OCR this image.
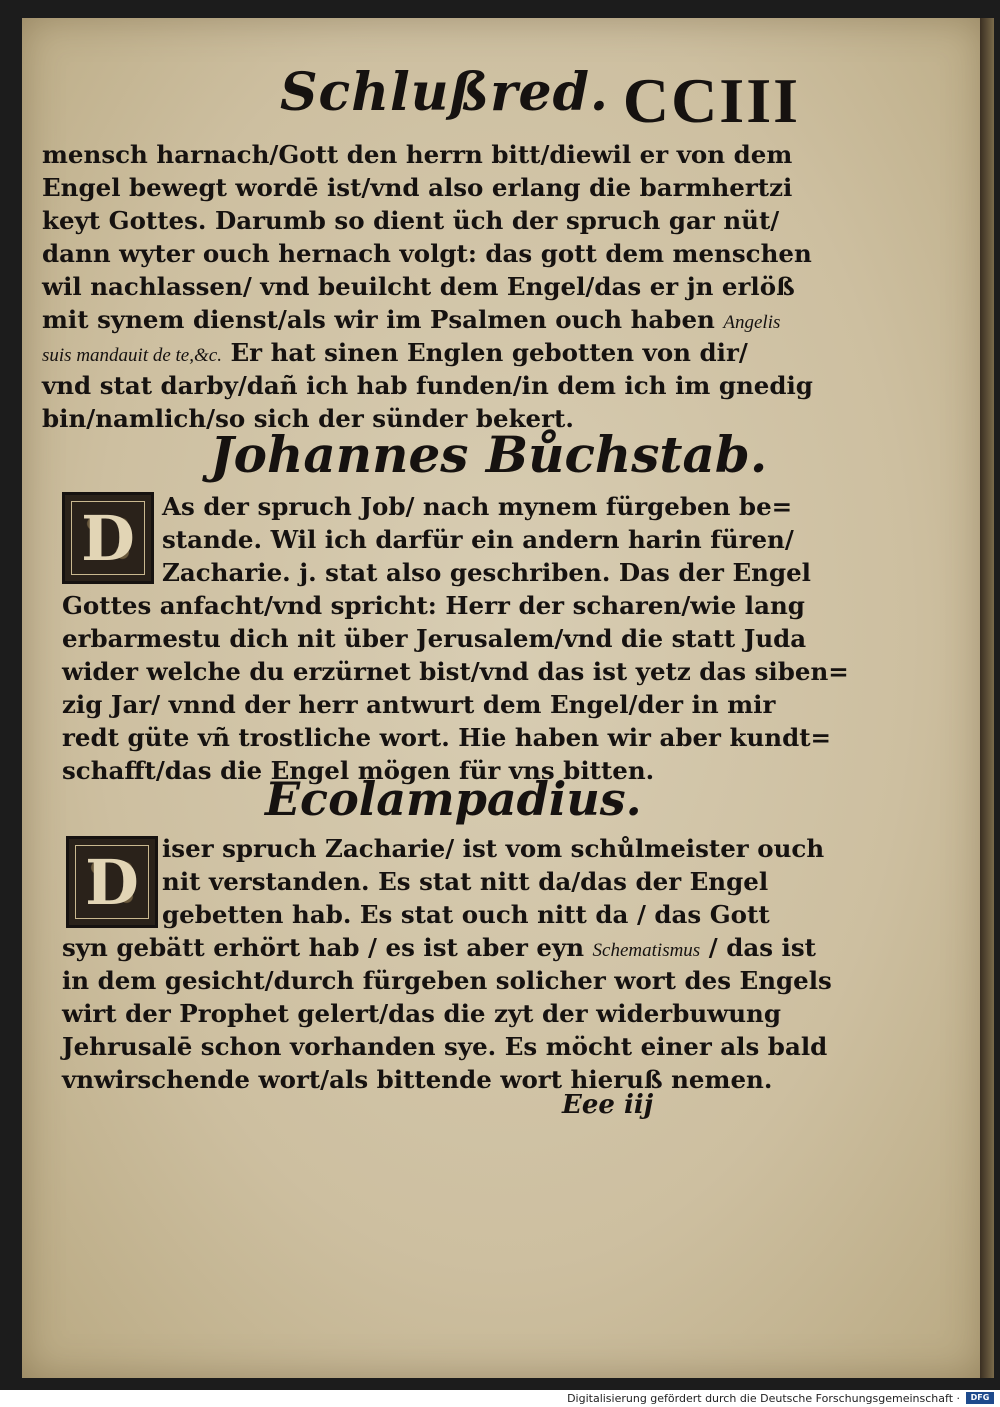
Schlußred. CCIII
mensch harnach/Gott den herrn bitt/diewil er von dem
Engel bewegt wordē ist/vnd also erlang die barmhertzi
keyt Gottes. Darumb so dient üch der spruch gar nüt/
dann wyter ouch hernach volgt: das gott dem menschen
wil nachlassen/ vnd beuilcht dem Engel/das er jn erlöß
mit synem dienst/als wir im Psalmen ouch haben Angelis
suis mandauit de te,&c. Er hat sinen Englen gebotten von dir/
vnd stat darby/dañ ich hab funden/in dem ich im gnedig
bin/namlich/so sich der sünder bekert.
Johannes Bůchstab.
D	As der spruch Job/ nach mynem fürgeben be=
stande. Wil ich darfür ein andern harin füren/
Zacharie. j. stat also geschriben. Das der Engel
Gottes anfacht/vnd spricht: Herr der scharen/wie lang
erbarmestu dich nit über Jerusalem/vnd die statt Juda
wider welche du erzürnet bist/vnd das ist yetz das siben=
zig Jar/ vnnd der herr antwurt dem Engel/der in mir
redt güte vñ trostliche wort. Hie haben wir aber kundt=
schafft/das die Engel mögen für vns bitten.
Ecolampadius.
D iser spruch Zacharie/ ist vom schůlmeister ouch
nit verstanden. Es stat nitt da/das der Engel
gebetten hab. Es stat ouch nitt da / das Gott
syn gebätt erhört hab / es ist aber eyn Schematismus / das ist
in dem gesicht/durch fürgeben solicher wort des Engels
wirt der Prophet gelert/das die zyt der widerbuwung
Jehrusalē schon vorhanden sye. Es möcht einer als bald
vnwirschende wort/als bittende wort hieruß nemen.
Eee iij
Digitalisierung gefördert durch die Deutsche Forschungsgemeinschaft ·	DFG
